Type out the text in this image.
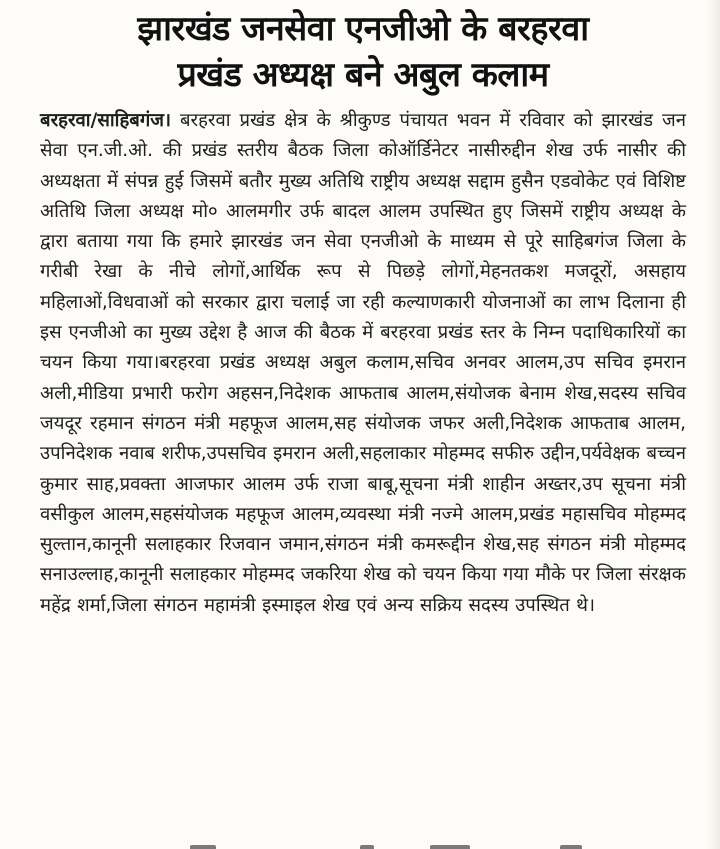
झारखंड जनसेवा एनजीओ के बरहरवा
प्रखंड अध्यक्ष बने अबुल कलाम

बरहरवा/साहिबगंज। बरहरवा प्रखंड क्षेत्र के श्रीकुण्ड पंचायत भवन में रविवार को झारखंड जन सेवा एन.जी.ओ. की प्रखंड स्तरीय बैठक जिला कोऑर्डिनेटर नासीरुद्दीन शेख उर्फ नासीर की अध्यक्षता में संपन्न हुई जिसमें बतौर मुख्य अतिथि राष्ट्रीय अध्यक्ष सद्दाम हुसैन एडवोकेट एवं विशिष्ट अतिथि जिला अध्यक्ष मो० आलमगीर उर्फ बादल आलम उपस्थित हुए जिसमें राष्ट्रीय अध्यक्ष के द्वारा बताया गया कि हमारे झारखंड जन सेवा एनजीओ के माध्यम से पूरे साहिबगंज जिला के गरीबी रेखा के नीचे लोगों,आर्थिक रूप से पिछड़े लोगों,मेहनतकश मजदूरों, असहाय महिलाओं,विधवाओं को सरकार द्वारा चलाई जा रही कल्याणकारी योजनाओं का लाभ दिलाना ही इस एनजीओ का मुख्य उद्देश है आज की बैठक में बरहरवा प्रखंड स्तर के निम्न पदाधिकारियों का चयन किया गया।बरहरवा प्रखंड अध्यक्ष अबुल कलाम,सचिव अनवर आलम,उप सचिव इमरान अली,मीडिया प्रभारी फरोग अहसन,निदेशक आफताब आलम,संयोजक बेनाम शेख,सदस्य सचिव जयदूर रहमान संगठन मंत्री महफूज आलम,सह संयोजक जफर अली,निदेशक आफताब आलम, उपनिदेशक नवाब शरीफ,उपसचिव इमरान अली,सहलाकार मोहम्मद सफीरु उद्दीन,पर्यवेक्षक बच्चन कुमार साह,प्रवक्ता आजफार आलम उर्फ राजा बाबू,सूचना मंत्री शाहीन अख्तर,उप सूचना मंत्री वसीकुल आलम,सहसंयोजक महफूज आलम,व्यवस्था मंत्री नज्मे आलम,प्रखंड महासचिव मोहम्मद सुल्तान,कानूनी सलाहकार रिजवान जमान,संगठन मंत्री कमरूद्दीन शेख,सह संगठन मंत्री मोहम्मद सनाउल्लाह,कानूनी सलाहकार मोहम्मद जकरिया शेख को चयन किया गया मौके पर जिला संरक्षक महेंद्र शर्मा,जिला संगठन महामंत्री इस्माइल शेख एवं अन्य सक्रिय सदस्य उपस्थित थे।
